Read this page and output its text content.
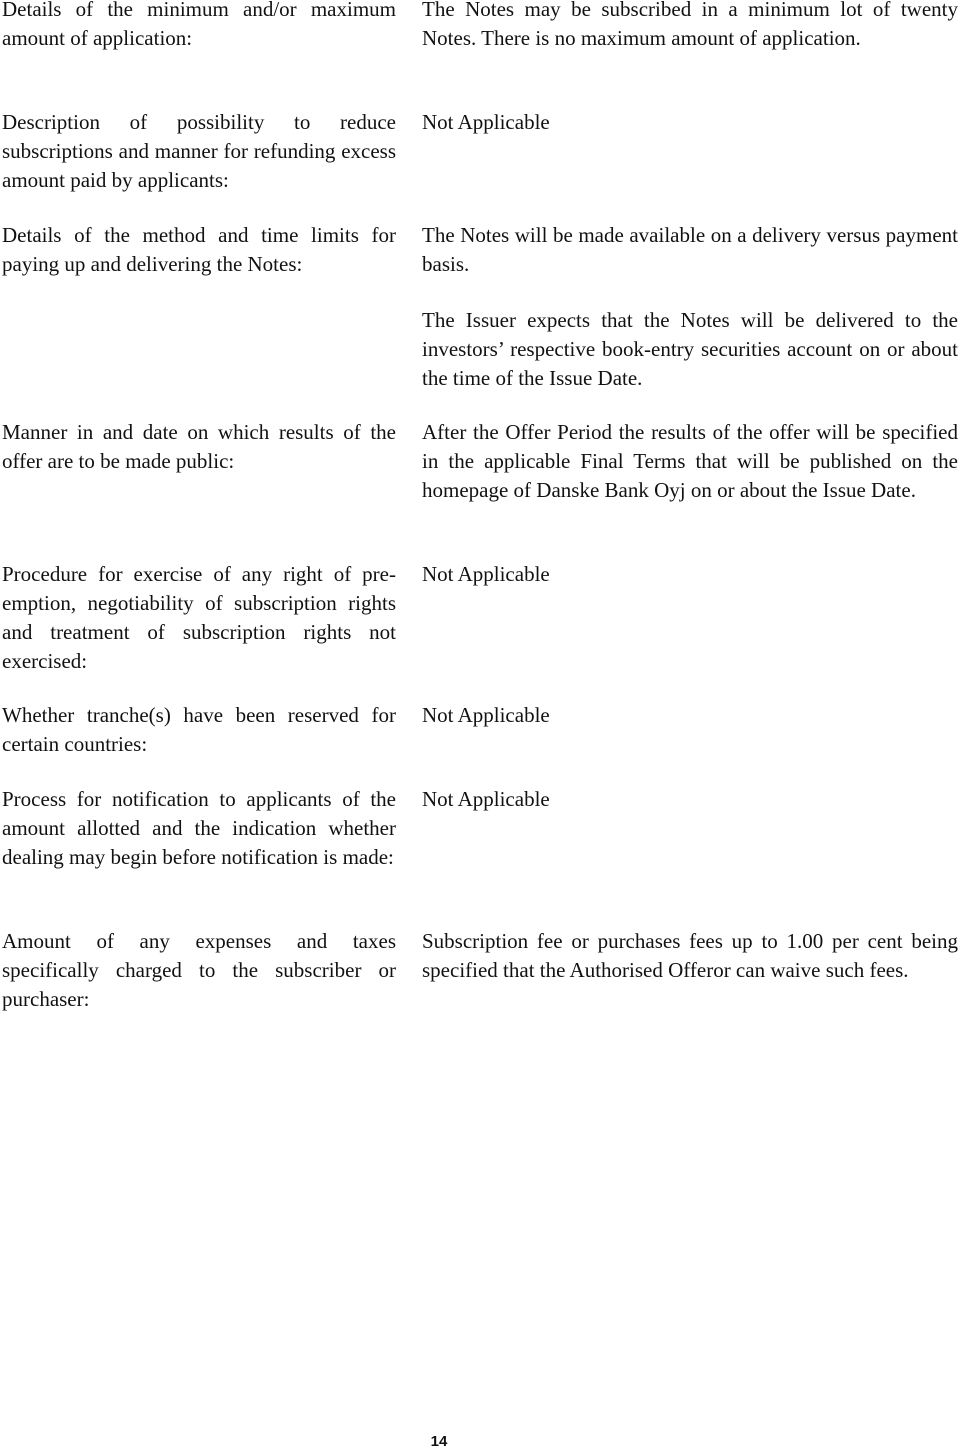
Details of the minimum and/or maximum amount of application:

The Notes may be subscribed in a minimum lot of twenty Notes. There is no maximum amount of application.

Description of possibility to reduce subscriptions and manner for refunding excess amount paid by applicants:

Not Applicable

Details of the method and time limits for paying up and delivering the Notes:

The Notes will be made available on a delivery versus payment basis.

The Issuer expects that the Notes will be delivered to the investors’ respective book-entry securities account on or about the time of the Issue Date.

Manner in and date on which results of the offer are to be made public:

After the Offer Period the results of the offer will be specified in the applicable Final Terms that will be published on the homepage of Danske Bank Oyj on or about the Issue Date.

Procedure for exercise of any right of pre-emption, negotiability of subscription rights and treatment of subscription rights not exercised:

Not Applicable

Whether tranche(s) have been reserved for certain countries:

Not Applicable

Process for notification to applicants of the amount allotted and the indication whether dealing may begin before notification is made:

Not Applicable

Amount of any expenses and taxes specifically charged to the subscriber or purchaser:

Subscription fee or purchases fees up to 1.00 per cent being specified that the Authorised Offeror can waive such fees.

14
